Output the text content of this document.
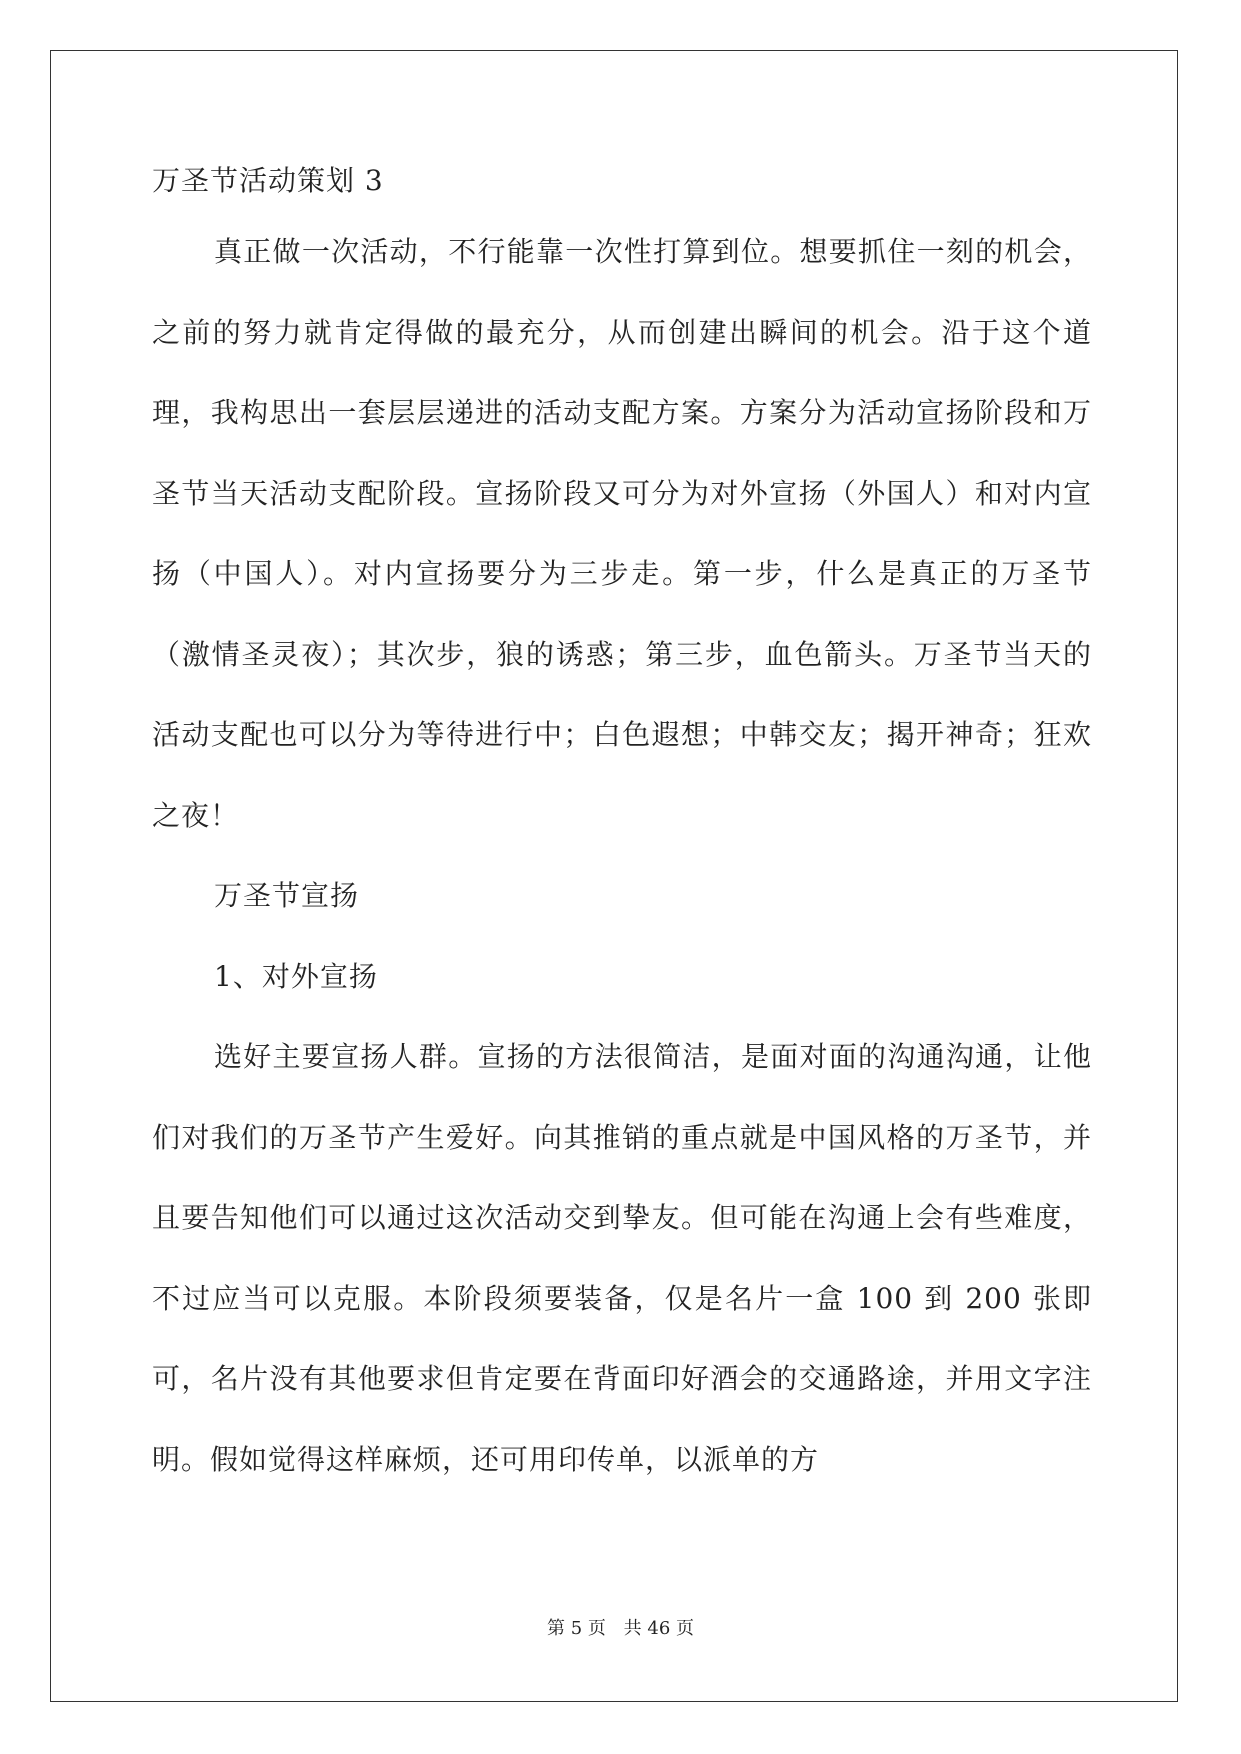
万圣节活动策划 3

真正做一次活动，不行能靠一次性打算到位。想要抓住一刻的机会，之前的努力就肯定得做的最充分，从而创建出瞬间的机会。沿于这个道理，我构思出一套层层递进的活动支配方案。方案分为活动宣扬阶段和万圣节当天活动支配阶段。宣扬阶段又可分为对外宣扬（外国人）和对内宣扬（中国人）。对内宣扬要分为三步走。第一步，什么是真正的万圣节（激情圣灵夜）；其次步，狼的诱惑；第三步，血色箭头。万圣节当天的活动支配也可以分为等待进行中；白色遐想；中韩交友；揭开神奇；狂欢之夜！

万圣节宣扬

1、对外宣扬

选好主要宣扬人群。宣扬的方法很简洁，是面对面的沟通沟通，让他们对我们的万圣节产生爱好。向其推销的重点就是中国风格的万圣节，并且要告知他们可以通过这次活动交到挚友。但可能在沟通上会有些难度，不过应当可以克服。本阶段须要装备，仅是名片一盒 100 到 200 张即可，名片没有其他要求但肯定要在背面印好酒会的交通路途，并用文字注明。假如觉得这样麻烦，还可用印传单，以派单的方

第 5 页 共 46 页
